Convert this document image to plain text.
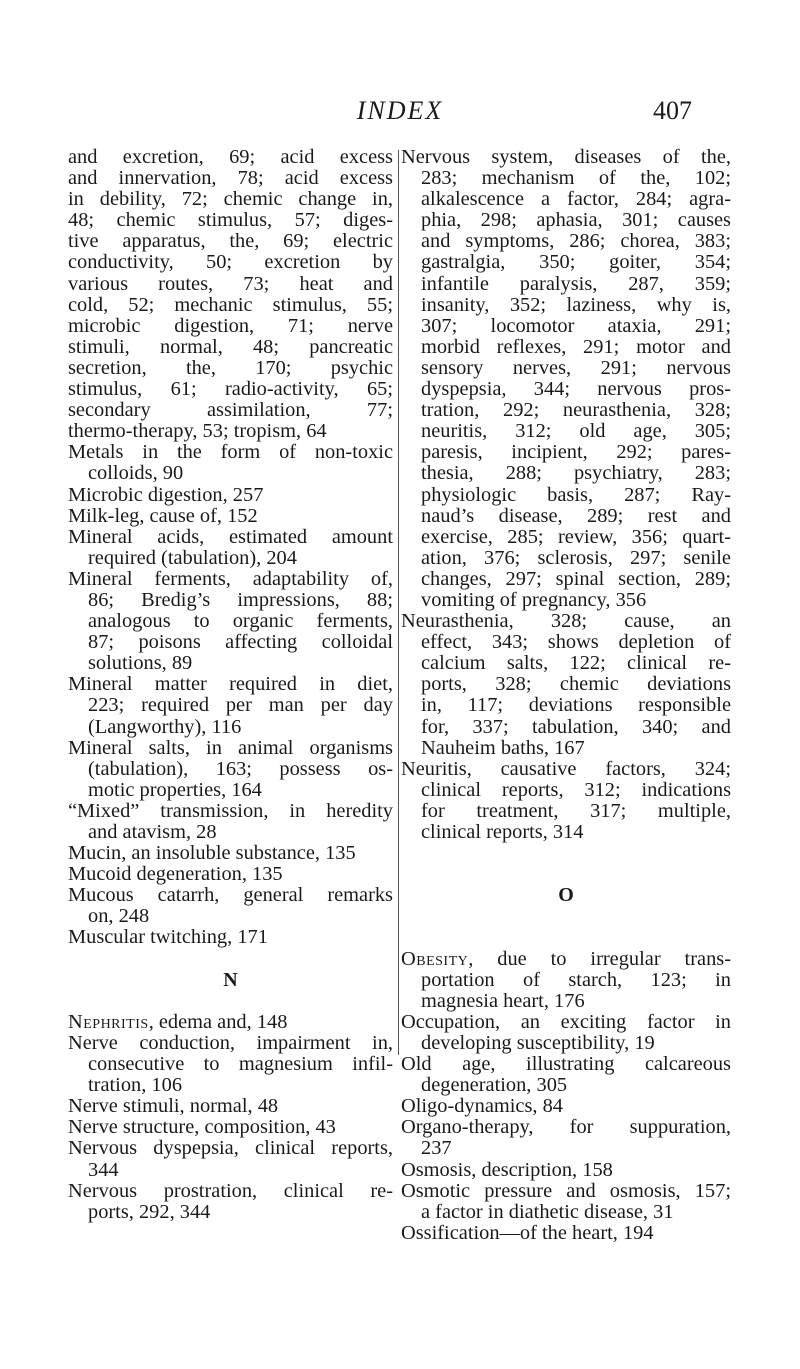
INDEX	407
and excretion, 69; acid excess
and innervation, 78; acid excess
in debility, 72; chemic change in,
48; chemic stimulus, 57; diges-
tive apparatus, the, 69; electric
conductivity, 50; excretion by
various routes, 73; heat and
cold, 52; mechanic stimulus, 55;
microbic digestion, 71; nerve
stimuli, normal, 48; pancreatic
secretion, the, 170; psychic
stimulus, 61; radio-activity, 65;
secondary assimilation, 77;
thermo-therapy, 53; tropism, 64
Metals in the form of non-toxic
colloids, 90
Microbic digestion, 257
Milk-leg, cause of, 152
Mineral acids, estimated amount
required (tabulation), 204
Mineral ferments, adaptability of,
86; Bredig’s impressions, 88;
analogous to organic ferments,
87; poisons affecting colloidal
solutions, 89
Mineral matter required in diet,
223; required per man per day
(Langworthy), 116
Mineral salts, in animal organisms
(tabulation), 163; possess os-
motic properties, 164
“Mixed” transmission, in heredity
and atavism, 28
Mucin, an insoluble substance, 135
Mucoid degeneration, 135
Mucous catarrh, general remarks
on, 248
Muscular twitching, 171
N
Nephritis, edema and, 148
Nerve conduction, impairment in,
consecutive to magnesium infil-
tration, 106
Nerve stimuli, normal, 48
Nerve structure, composition, 43
Nervous dyspepsia, clinical reports,
344
Nervous prostration, clinical re-
ports, 292, 344
Nervous system, diseases of the,
283; mechanism of the, 102;
alkalescence a factor, 284; agra-
phia, 298; aphasia, 301; causes
and symptoms, 286; chorea, 383;
gastralgia, 350; goiter, 354;
infantile paralysis, 287, 359;
insanity, 352; laziness, why is,
307; locomotor ataxia, 291;
morbid reflexes, 291; motor and
sensory nerves, 291; nervous
dyspepsia, 344; nervous pros-
tration, 292; neurasthenia, 328;
neuritis, 312; old age, 305;
paresis, incipient, 292; pares-
thesia, 288; psychiatry, 283;
physiologic basis, 287; Ray-
naud’s disease, 289; rest and
exercise, 285; review, 356; quart-
ation, 376; sclerosis, 297; senile
changes, 297; spinal section, 289;
vomiting of pregnancy, 356
Neurasthenia, 328; cause, an
effect, 343; shows depletion of
calcium salts, 122; clinical re-
ports, 328; chemic deviations
in, 117; deviations responsible
for, 337; tabulation, 340; and
Nauheim baths, 167
Neuritis, causative factors, 324;
clinical reports, 312; indications
for treatment, 317; multiple,
clinical reports, 314
O
Obesity, due to irregular trans-
portation of starch, 123; in
magnesia heart, 176
Occupation, an exciting factor in
developing susceptibility, 19
Old age, illustrating calcareous
degeneration, 305
Oligo-dynamics, 84
Organo-therapy, for suppuration,
237
Osmosis, description, 158
Osmotic pressure and osmosis, 157;
a factor in diathetic disease, 31
Ossification—of the heart, 194
